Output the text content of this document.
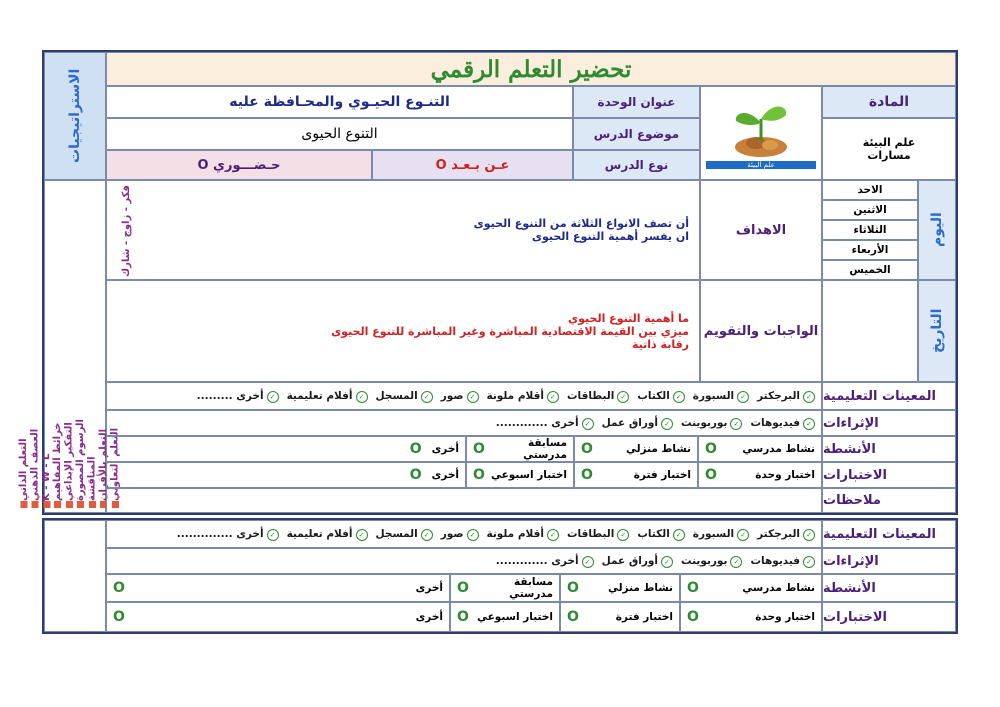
الاستراتيجيات
فكر - زاوج - شارك
التعلم بالأقران التعلم التعاوني
الرسوم المصورة المناقشة
خرائط المفاهيم التفكير الإبداعي
التعلم الذاتي العصف الذهني K - W - L
تحضير التعلم الرقمي
المادة
علم البيئة
مسارات
علم البيئة
عنوان الوحدة
التنـوع الحيـوي والمحـافظة عليه
موضوع الدرس
التنوع الحيوى
نوع الدرس
عـن بـعـد O
حـضـــوري O
اليوم
الاحد
الاثنين
الثلاثاء
الأربعاء
الخميس
التاريخ
الاهداف
أن تصف الانواع الثلاثة من التنوع الحيوى
ان يفسر أهمية التنوع الحيوى
الواجبات والتقويم
ما أهمية التنوع الحيوي
ميزي بين القيمة الاقتصادية المباشرة وغير المباشرة للتنوع الحيوى
رقابة ذاتية
المعينات التعليمية
✓البرجكتر
✓السبورة
✓الكتاب
✓البطاقات
✓أقلام ملونة
✓صور
✓المسجل
✓أفلام تعليمية
✓أخرى .........
الإثراءات
✓فيديوهات
✓بوربوينت
✓أوراق عمل
✓أخرى .............
الأنشطة
نشاط مدرسي
O
نشاط منزلي
O
مسابقة مدرستي
O
أخرى
O
الاختبارات
اختبار وحدة
O
اختبار فترة
O
اختبار اسبوعي
O
أخرى
O
ملاحظات
المعينات التعليمية
✓البرجكتر
✓السبورة
✓الكتاب
✓البطاقات
✓أقلام ملونة
✓صور
✓المسجل
✓أفلام تعليمية
✓أخرى ..............
الإثراءات
✓فيديوهات
✓بوربوينت
✓أوراق عمل
✓أخرى .............
الأنشطة
نشاط مدرسي
O
نشاط منزلي
O
مسابقة مدرستي
O
أخرى
O
الاختبارات
اختبار وحدة
O
اختبار فترة
O
اختبار اسبوعي
O
أخرى
O
